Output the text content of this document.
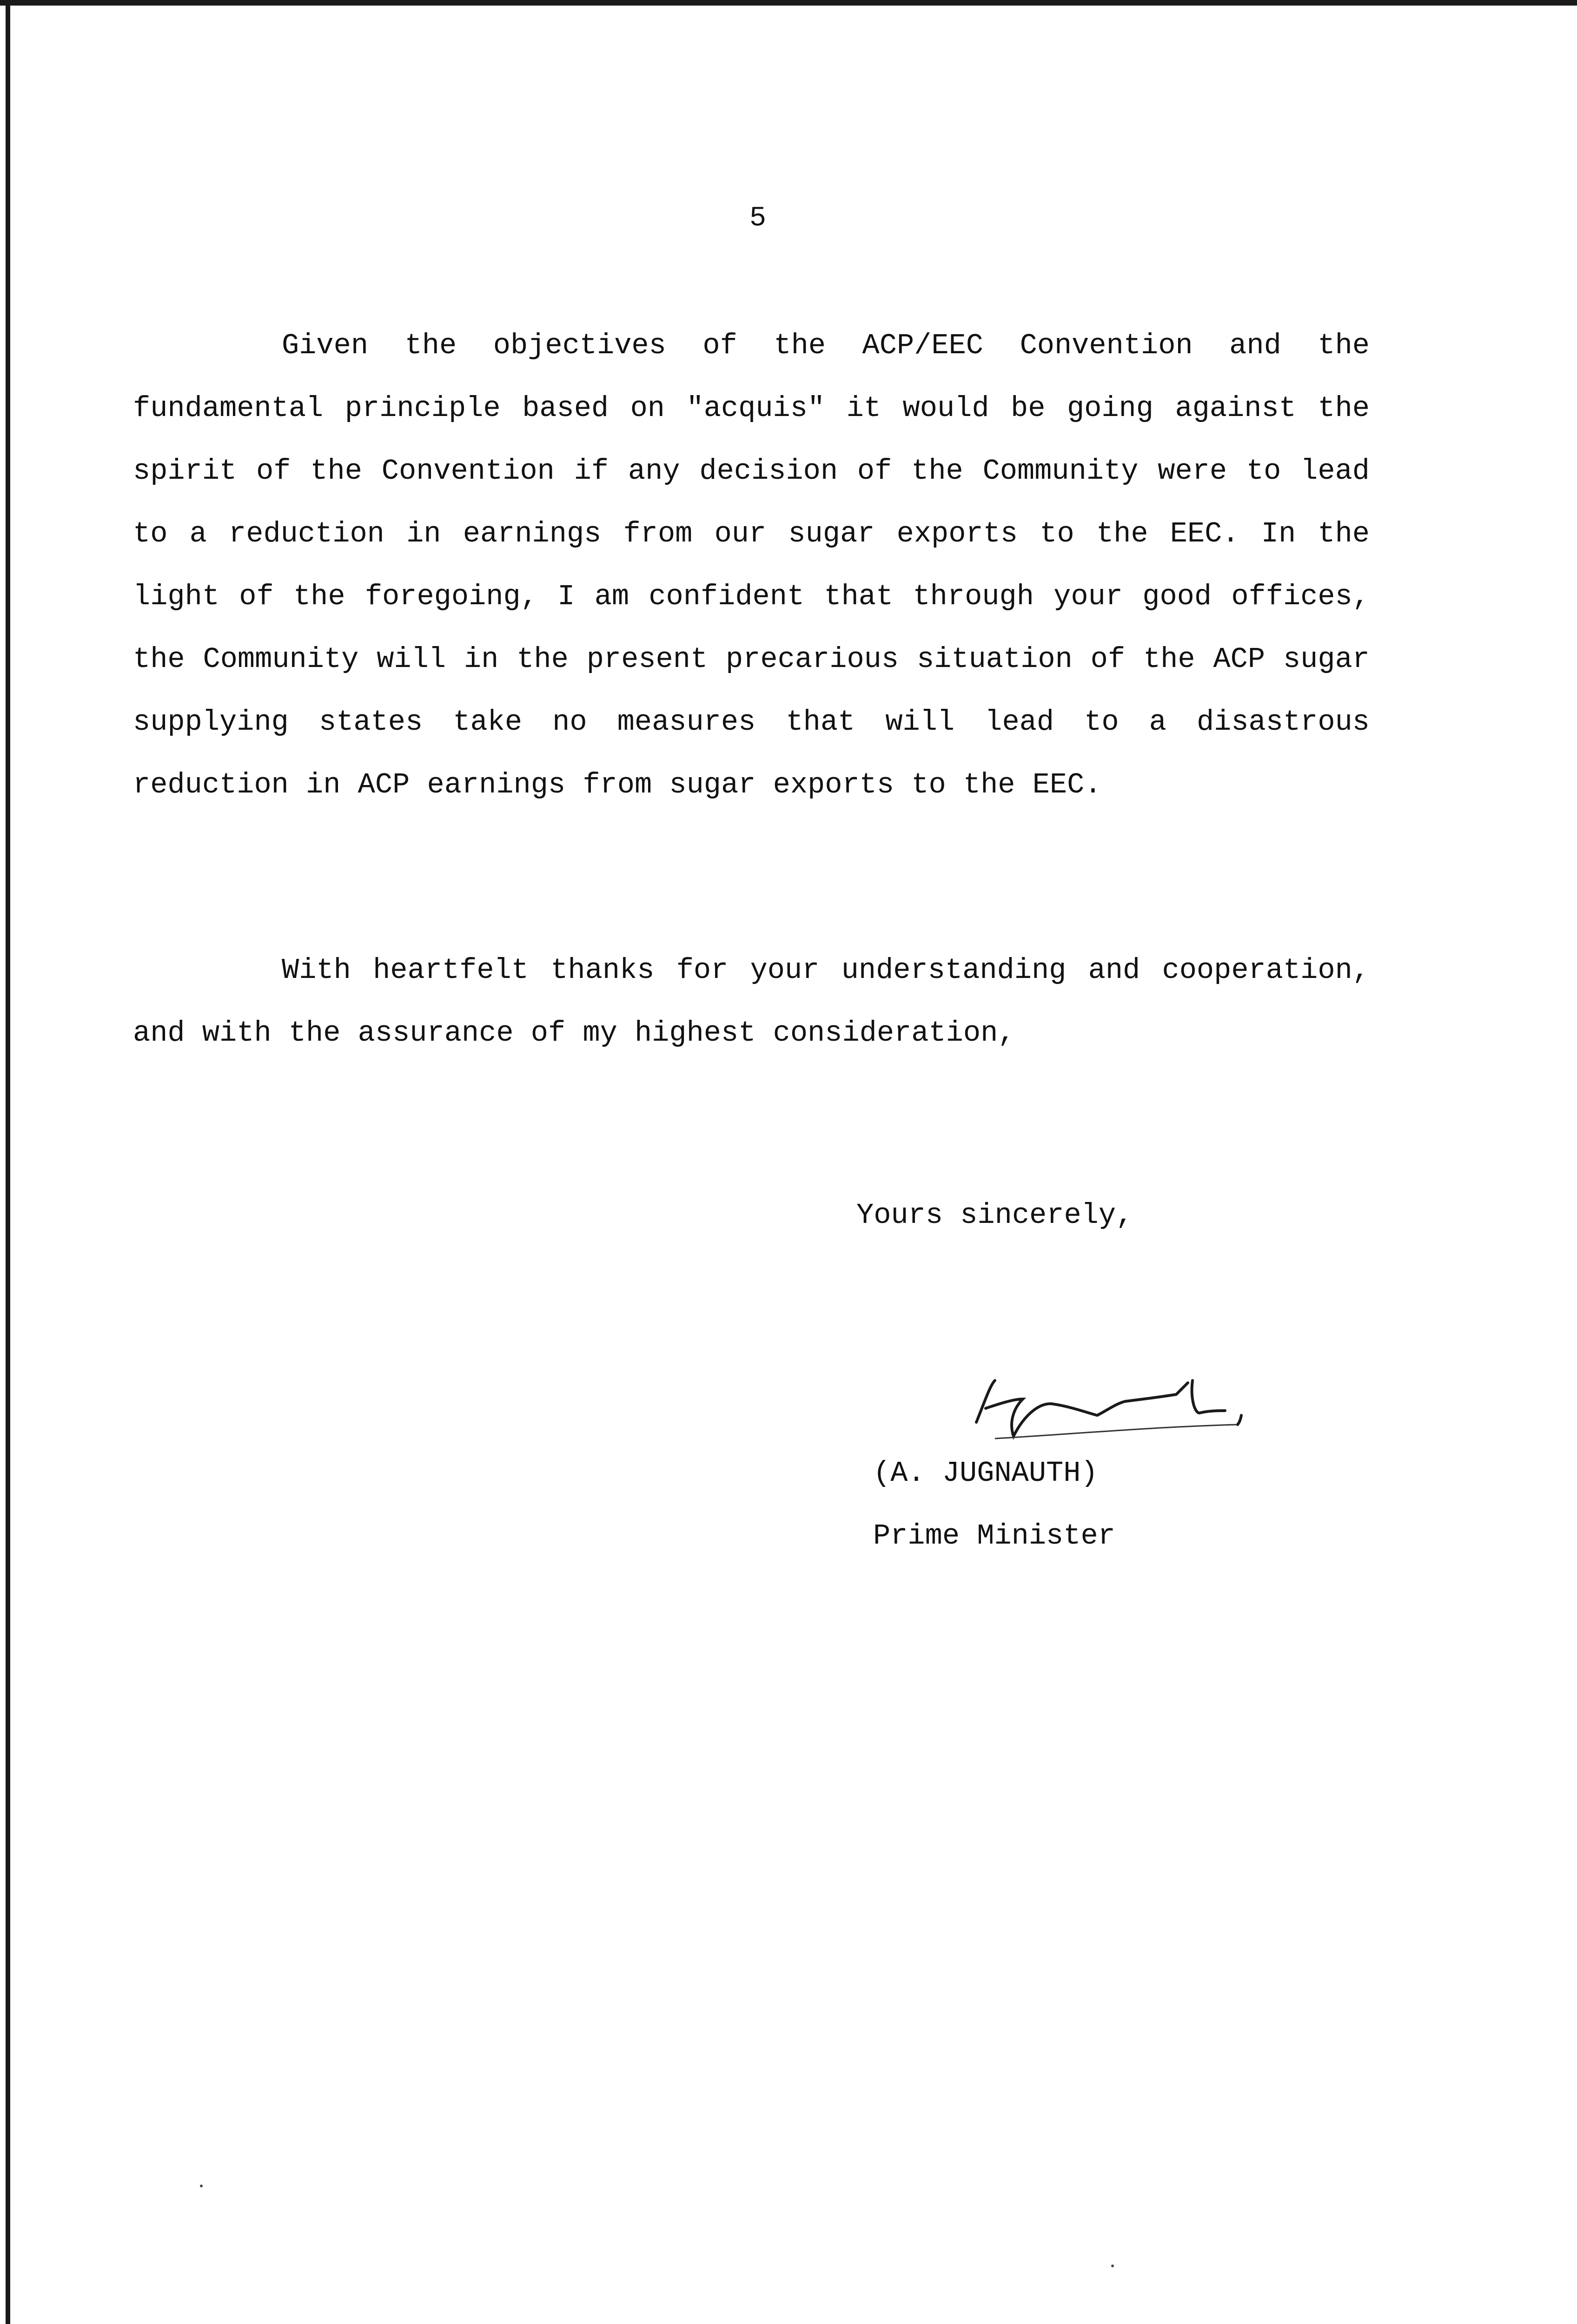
5

Given the objectives of the ACP/EEC Convention and the fundamental principle based on "acquis" it would be going against the spirit of the Convention if any decision of the Community were to lead to a reduction in earnings from our sugar exports to the EEC. In the light of the foregoing, I am confident that through your good offices, the Community will in the present precarious situation of the ACP sugar supplying states take no measures that will lead to a disastrous reduction in ACP earnings from sugar exports to the EEC.

With heartfelt thanks for your understanding and cooperation, and with the assurance of my highest consideration,

Yours sincerely,
(A. JUGNAUTH)
Prime Minister
